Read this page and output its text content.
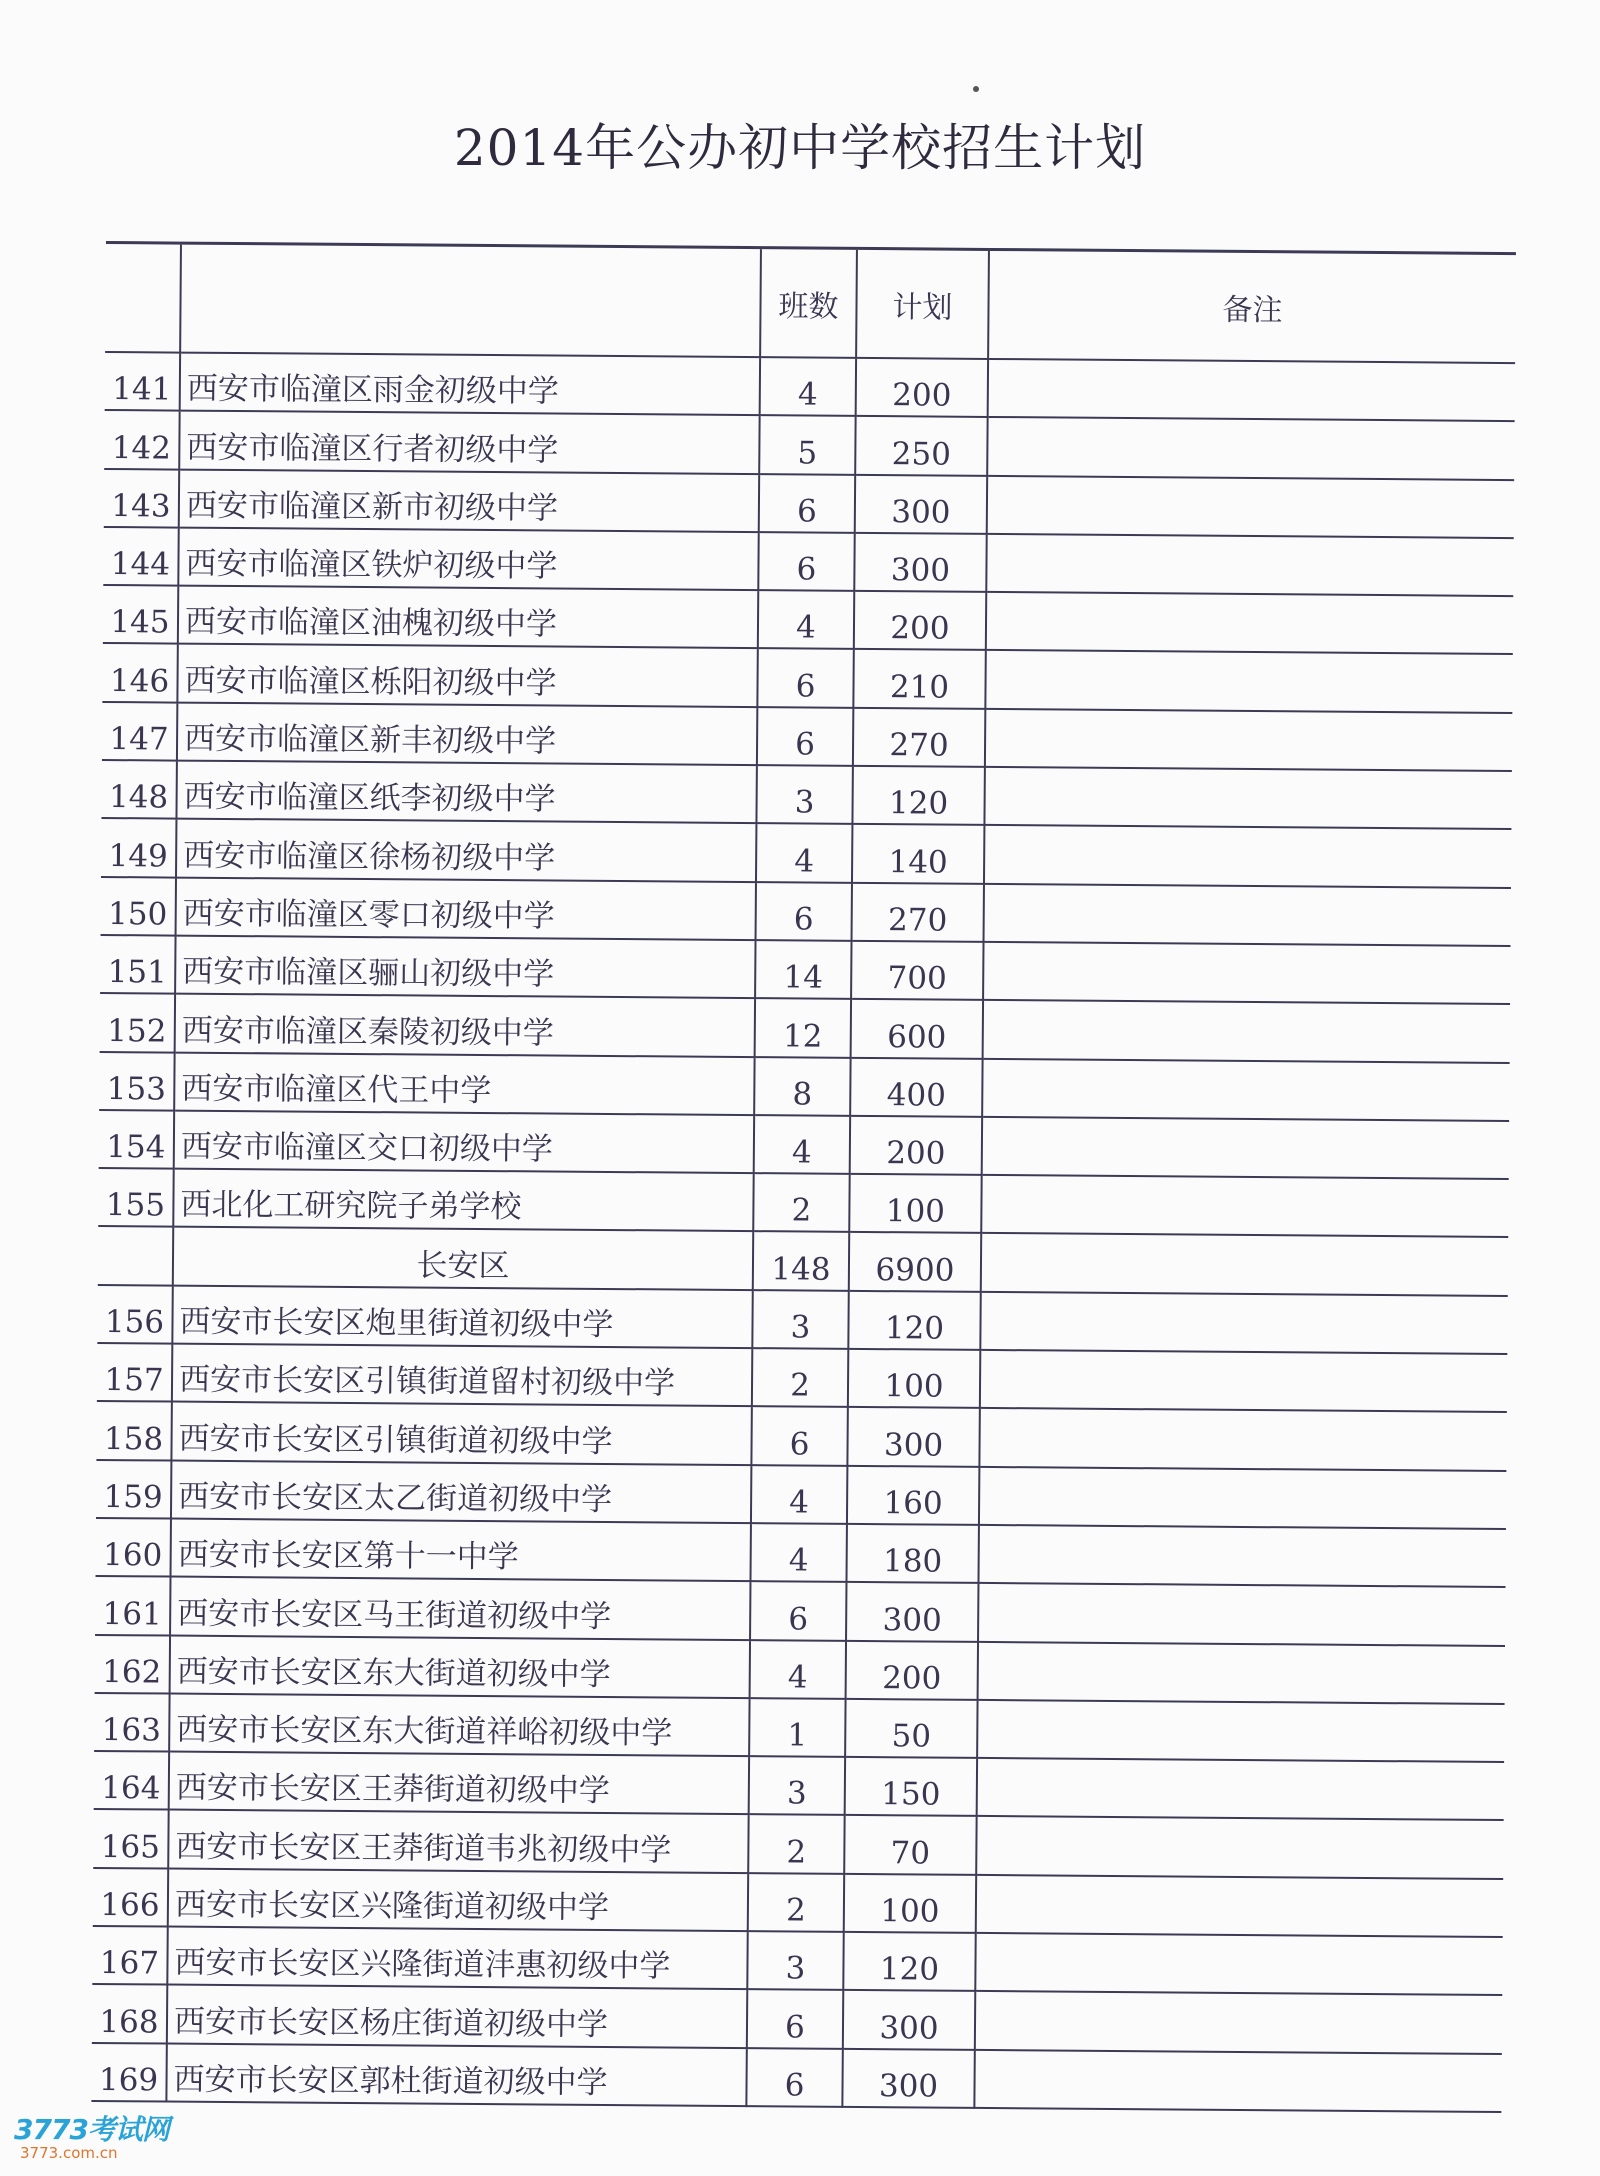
2014年公办初中学校招生计划
		班数	计划	备注
141	西安市临潼区雨金初级中学	4	200	
142	西安市临潼区行者初级中学	5	250	
143	西安市临潼区新市初级中学	6	300	
144	西安市临潼区铁炉初级中学	6	300	
145	西安市临潼区油槐初级中学	4	200	
146	西安市临潼区栎阳初级中学	6	210	
147	西安市临潼区新丰初级中学	6	270	
148	西安市临潼区纸李初级中学	3	120	
149	西安市临潼区徐杨初级中学	4	140	
150	西安市临潼区零口初级中学	6	270	
151	西安市临潼区骊山初级中学	14	700	
152	西安市临潼区秦陵初级中学	12	600	
153	西安市临潼区代王中学	8	400	
154	西安市临潼区交口初级中学	4	200	
155	西北化工研究院子弟学校	2	100	
	长安区	148	6900	
156	西安市长安区炮里街道初级中学	3	120	
157	西安市长安区引镇街道留村初级中学	2	100	
158	西安市长安区引镇街道初级中学	6	300	
159	西安市长安区太乙街道初级中学	4	160	
160	西安市长安区第十一中学	4	180	
161	西安市长安区马王街道初级中学	6	300	
162	西安市长安区东大街道初级中学	4	200	
163	西安市长安区东大街道祥峪初级中学	1	50	
164	西安市长安区王莽街道初级中学	3	150	
165	西安市长安区王莽街道韦兆初级中学	2	70	
166	西安市长安区兴隆街道初级中学	2	100	
167	西安市长安区兴隆街道沣惠初级中学	3	120	
168	西安市长安区杨庄街道初级中学	6	300	
169	西安市长安区郭杜街道初级中学	6	300	
3773考试网
3773.com.cn
